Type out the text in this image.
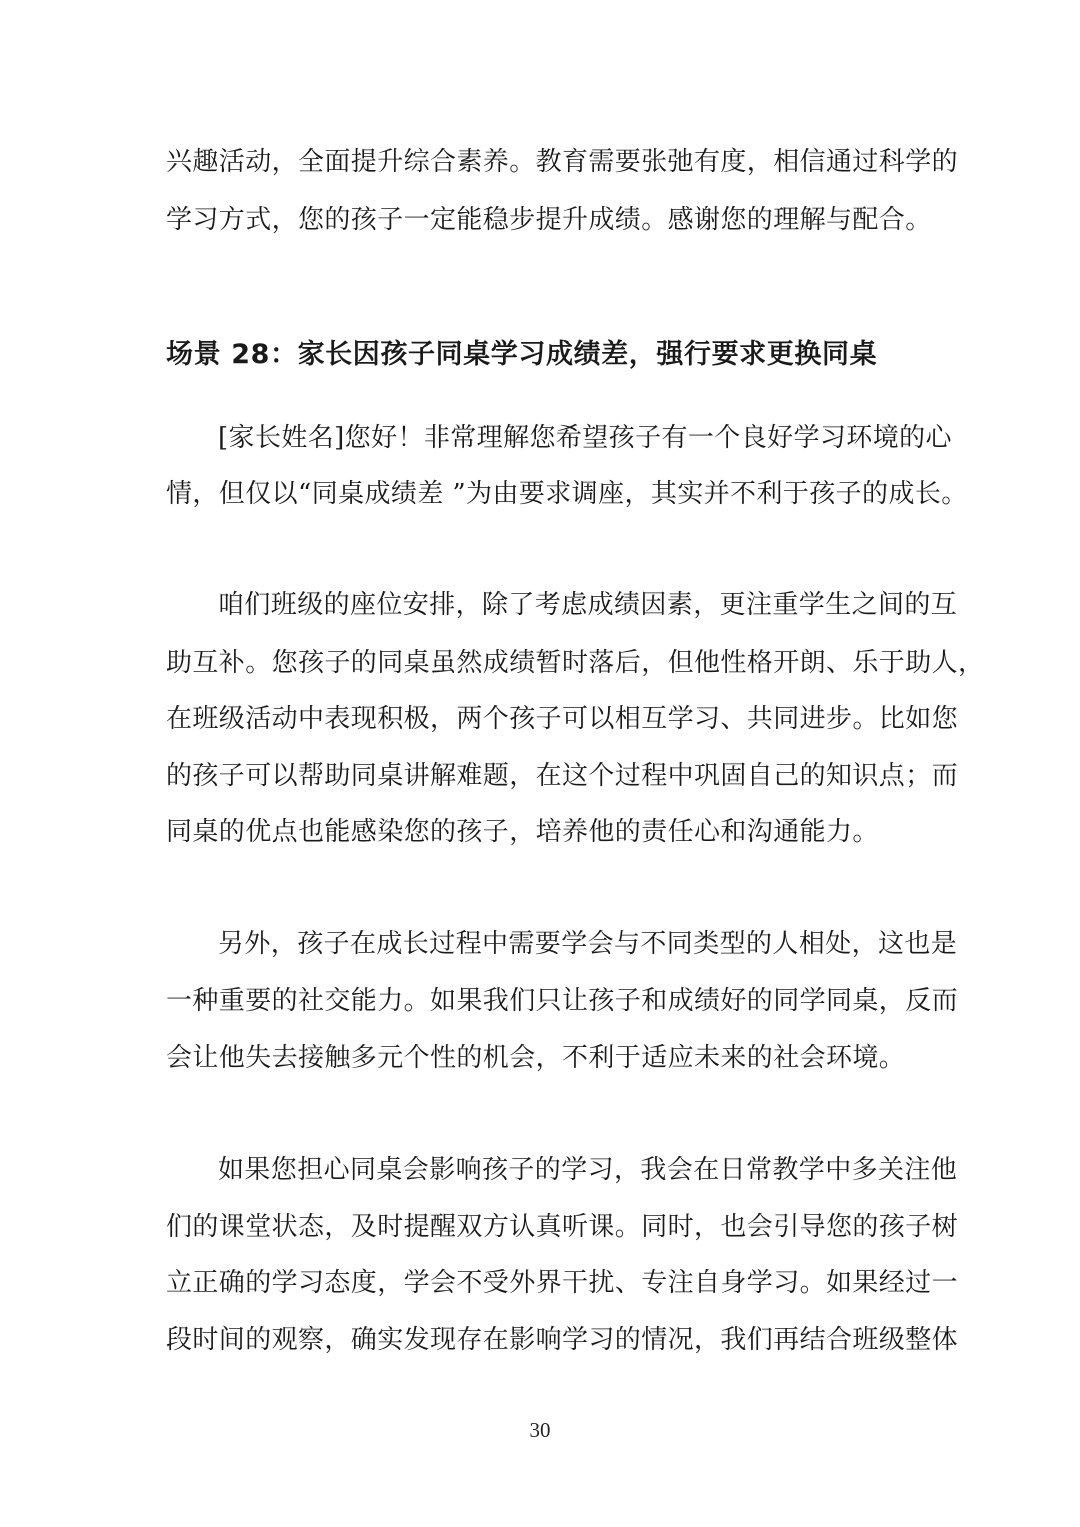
兴趣活动，全面提升综合素养。教育需要张弛有度，相信通过科学的
学习方式，您的孩子一定能稳步提升成绩。感谢您的理解与配合。
场景 28：家长因孩子同桌学习成绩差，强行要求更换同桌
[家长姓名]您好！非常理解您希望孩子有一个良好学习环境的心
情，但仅以“同桌成绩差 ”为由要求调座，其实并不利于孩子的成长。
咱们班级的座位安排，除了考虑成绩因素，更注重学生之间的互
助互补。您孩子的同桌虽然成绩暂时落后，但他性格开朗、乐于助人，
在班级活动中表现积极，两个孩子可以相互学习、共同进步。比如您
的孩子可以帮助同桌讲解难题，在这个过程中巩固自己的知识点；而
同桌的优点也能感染您的孩子，培养他的责任心和沟通能力。
另外，孩子在成长过程中需要学会与不同类型的人相处，这也是
一种重要的社交能力。如果我们只让孩子和成绩好的同学同桌，反而
会让他失去接触多元个性的机会，不利于适应未来的社会环境。
如果您担心同桌会影响孩子的学习，我会在日常教学中多关注他
们的课堂状态，及时提醒双方认真听课。同时，也会引导您的孩子树
立正确的学习态度，学会不受外界干扰、专注自身学习。如果经过一
段时间的观察，确实发现存在影响学习的情况，我们再结合班级整体
30
